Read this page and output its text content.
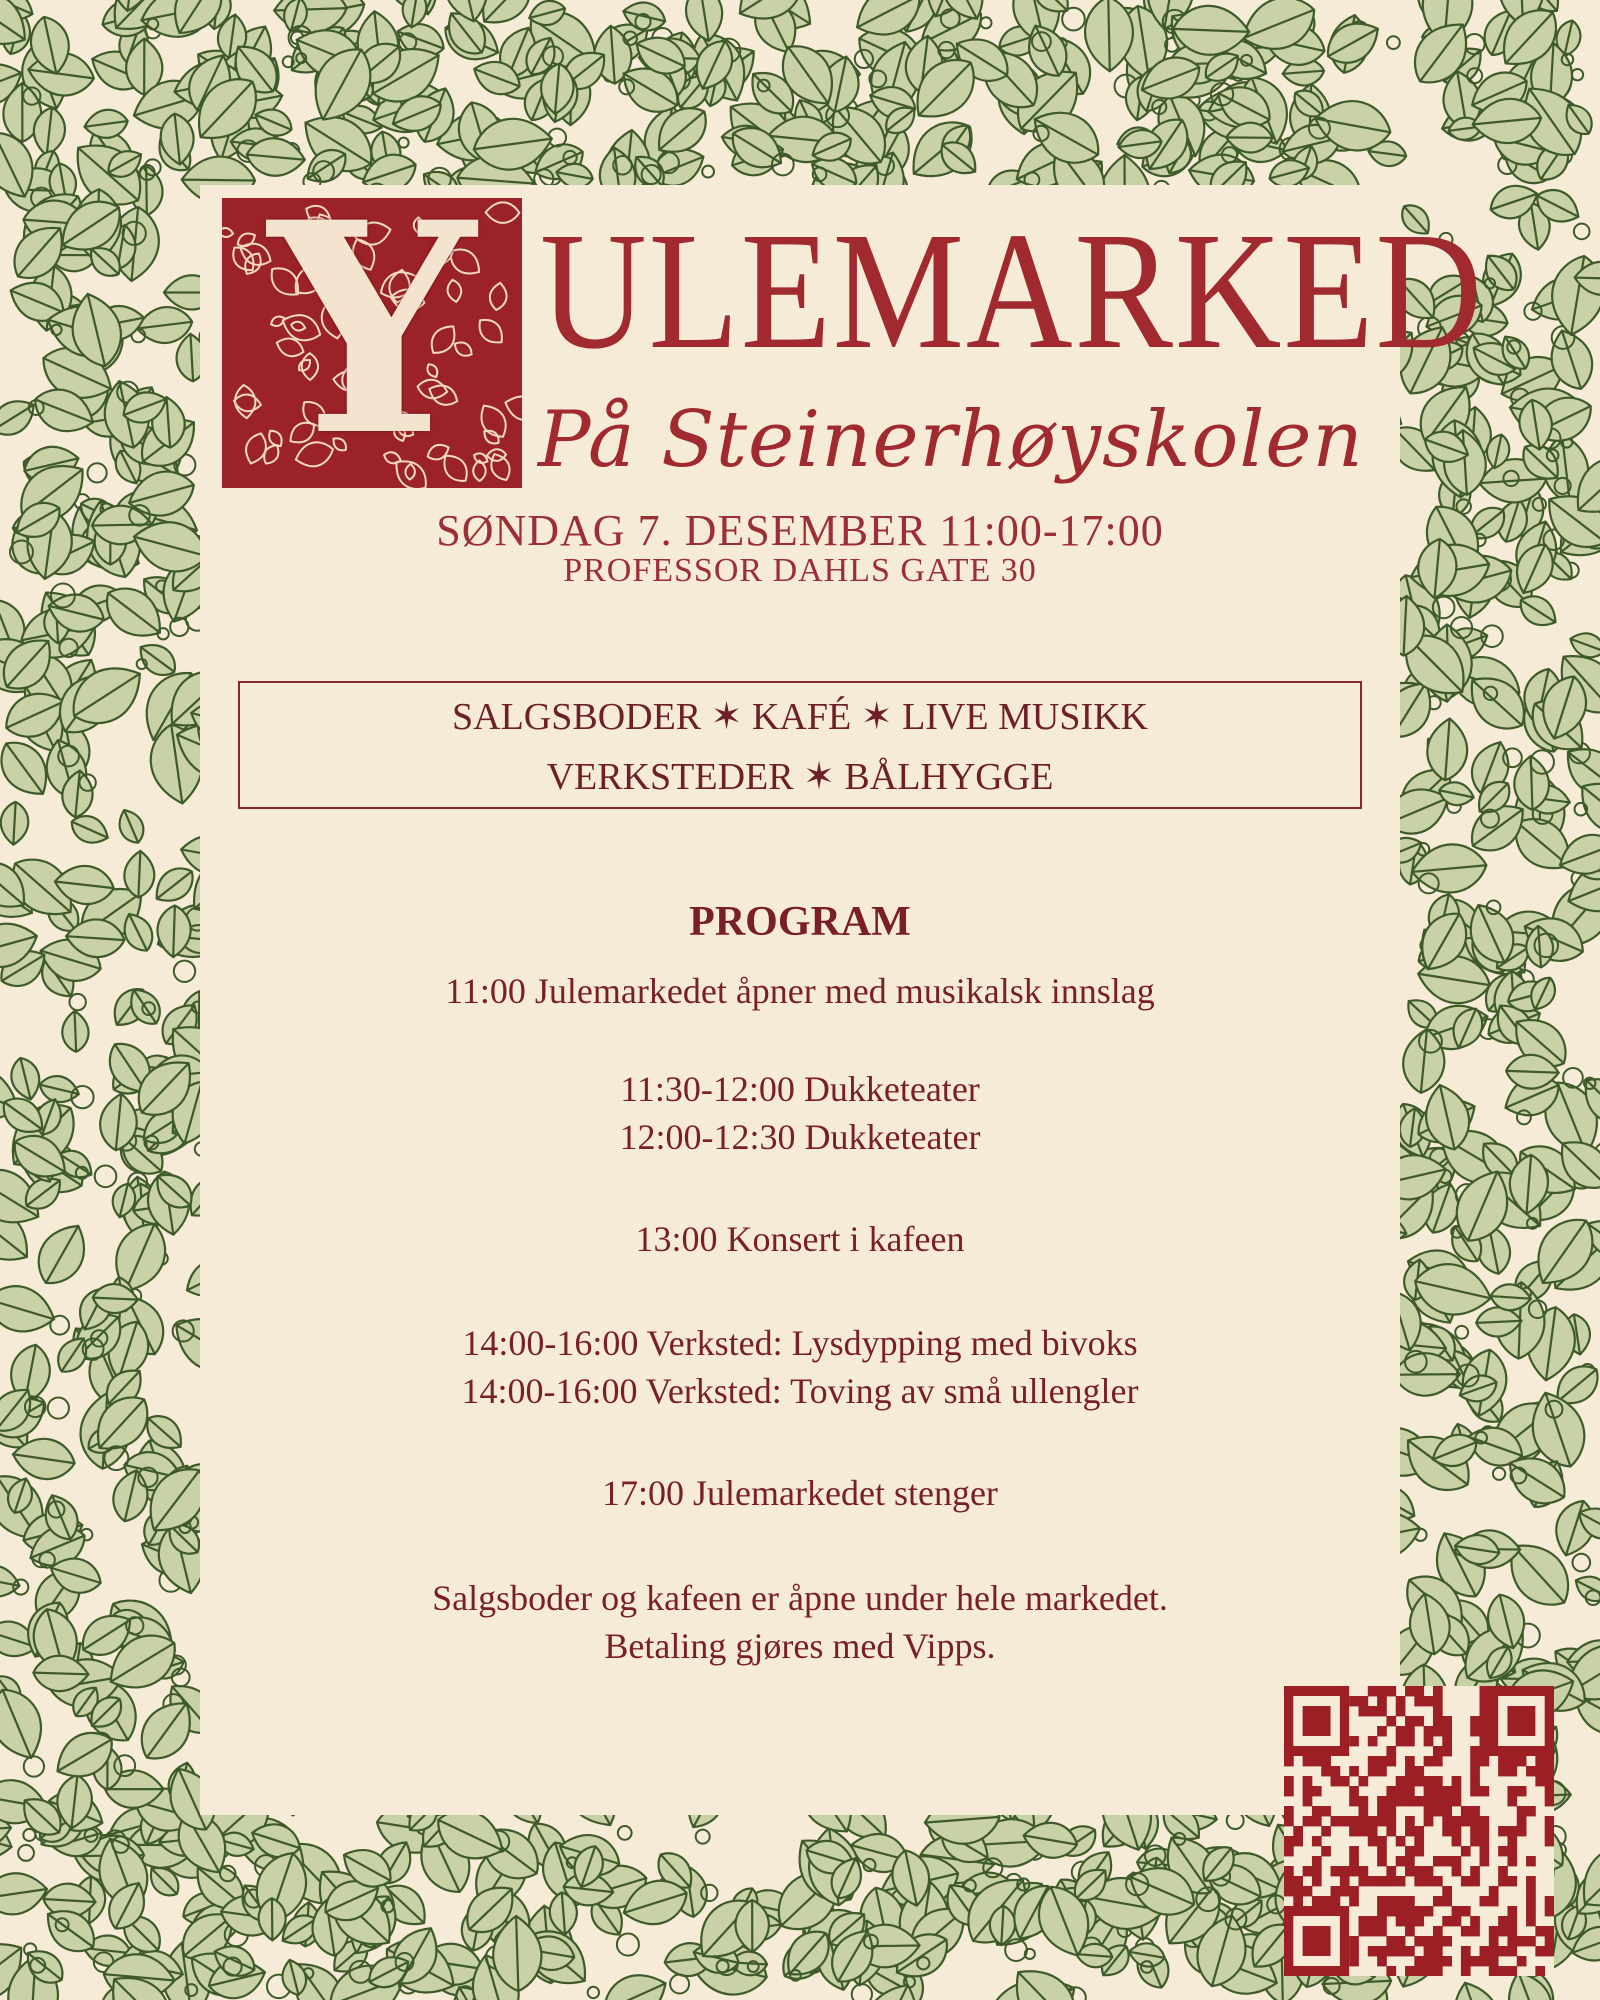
Y ULEMARKED
På Steinerhøyskolen
SØNDAG 7. DESEMBER 11:00-17:00
PROFESSOR DAHLS GATE 30
SALGSBODER ✶ KAFÉ ✶ LIVE MUSIKK
VERKSTEDER ✶ BÅLHYGGE
PROGRAM
11:00 Julemarkedet åpner med musikalsk innslag
11:30-12:00 Dukketeater
12:00-12:30 Dukketeater
13:00 Konsert i kafeen
14:00-16:00 Verksted: Lysdypping med bivoks
14:00-16:00 Verksted: Toving av små ullengler
17:00 Julemarkedet stenger
Salgsboder og kafeen er åpne under hele markedet.
Betaling gjøres med Vipps.
